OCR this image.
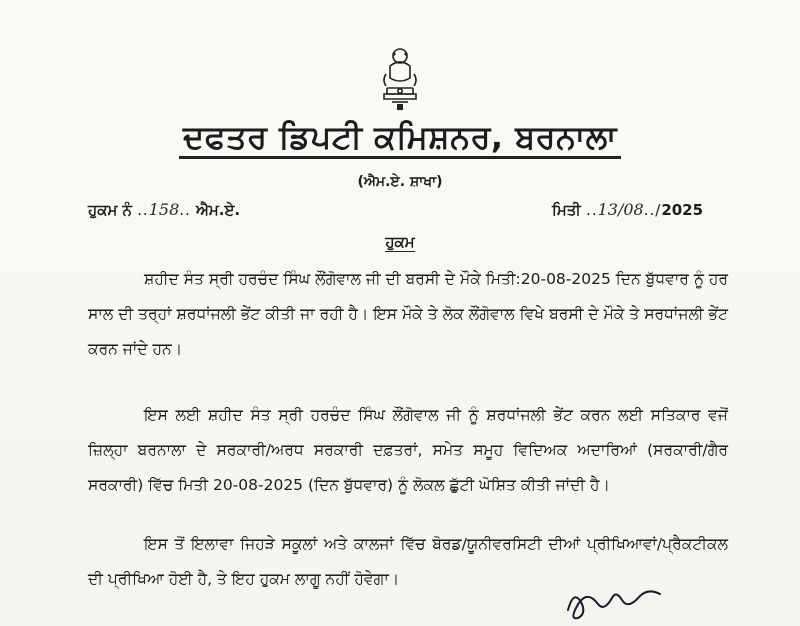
ਦਫਤਰ ਡਿਪਟੀ ਕਮਿਸ਼ਨਰ, ਬਰਨਾਲਾ
(ਐਮ.ਏ. ਸ਼ਾਖਾ)
ਹੁਕਮ ਨੰ ..158.. ਐਮ.ਏ.	ਮਿਤੀ ..13/08../2025
ਹੁਕਮ
ਸ਼ਹੀਦ ਸੰਤ ਸ੍ਰੀ ਹਰਚੰਦ ਸਿੰਘ ਲੌਂਗੋਵਾਲ ਜੀ ਦੀ ਬਰਸੀ ਦੇ ਮੌਕੇ ਮਿਤੀ:20-08-2025 ਦਿਨ ਬੁੱਧਵਾਰ ਨੂੰ ਹਰ ਸਾਲ ਦੀ ਤਰ੍ਹਾਂ ਸ਼ਰਧਾਂਜਲੀ ਭੇਂਟ ਕੀਤੀ ਜਾ ਰਹੀ ਹੈ। ਇਸ ਮੌਕੇ ਤੇ ਲੋਕ ਲੌਂਗੋਵਾਲ ਵਿਖੇ ਬਰਸੀ ਦੇ ਮੌਕੇ ਤੇ ਸਰਧਾਂਜਲੀ ਭੇਂਟ ਕਰਨ ਜਾਂਦੇ ਹਨ।
ਇਸ ਲਈ ਸ਼ਹੀਦ ਸੰਤ ਸ੍ਰੀ ਹਰਚੰਦ ਸਿੰਘ ਲੌਂਗੋਵਾਲ ਜੀ ਨੂੰ ਸ਼ਰਧਾਂਜਲੀ ਭੇਂਟ ਕਰਨ ਲਈ ਸਤਿਕਾਰ ਵਜੋਂ ਜ਼ਿਲ੍ਹਾ ਬਰਨਾਲਾ ਦੇ ਸਰਕਾਰੀ/ਅਰਧ ਸਰਕਾਰੀ ਦਫ਼ਤਰਾਂ, ਸਮੇਤ ਸਮੂਹ ਵਿਦਿਅਕ ਅਦਾਰਿਆਂ (ਸਰਕਾਰੀ/ਗੈਰ ਸਰਕਾਰੀ) ਵਿੱਚ ਮਿਤੀ 20-08-2025 (ਦਿਨ ਬੁੱਧਵਾਰ) ਨੂੰ ਲੋਕਲ ਛੁੱਟੀ ਘੋਸ਼ਿਤ ਕੀਤੀ ਜਾਂਦੀ ਹੈ।
ਇਸ ਤੋਂ ਇਲਾਵਾ ਜਿਹੜੇ ਸਕੂਲਾਂ ਅਤੇ ਕਾਲਜਾਂ ਵਿੱਚ ਬੋਰਡ/ਯੂਨੀਵਰਸਿਟੀ ਦੀਆਂ ਪ੍ਰੀਖਿਆਵਾਂ/ਪ੍ਰੈਕਟੀਕਲ ਦੀ ਪ੍ਰੀਖਿਆ ਹੋਈ ਹੈ, ਤੇ ਇਹ ਹੁਕਮ ਲਾਗੂ ਨਹੀਂ ਹੋਵੇਗਾ।
